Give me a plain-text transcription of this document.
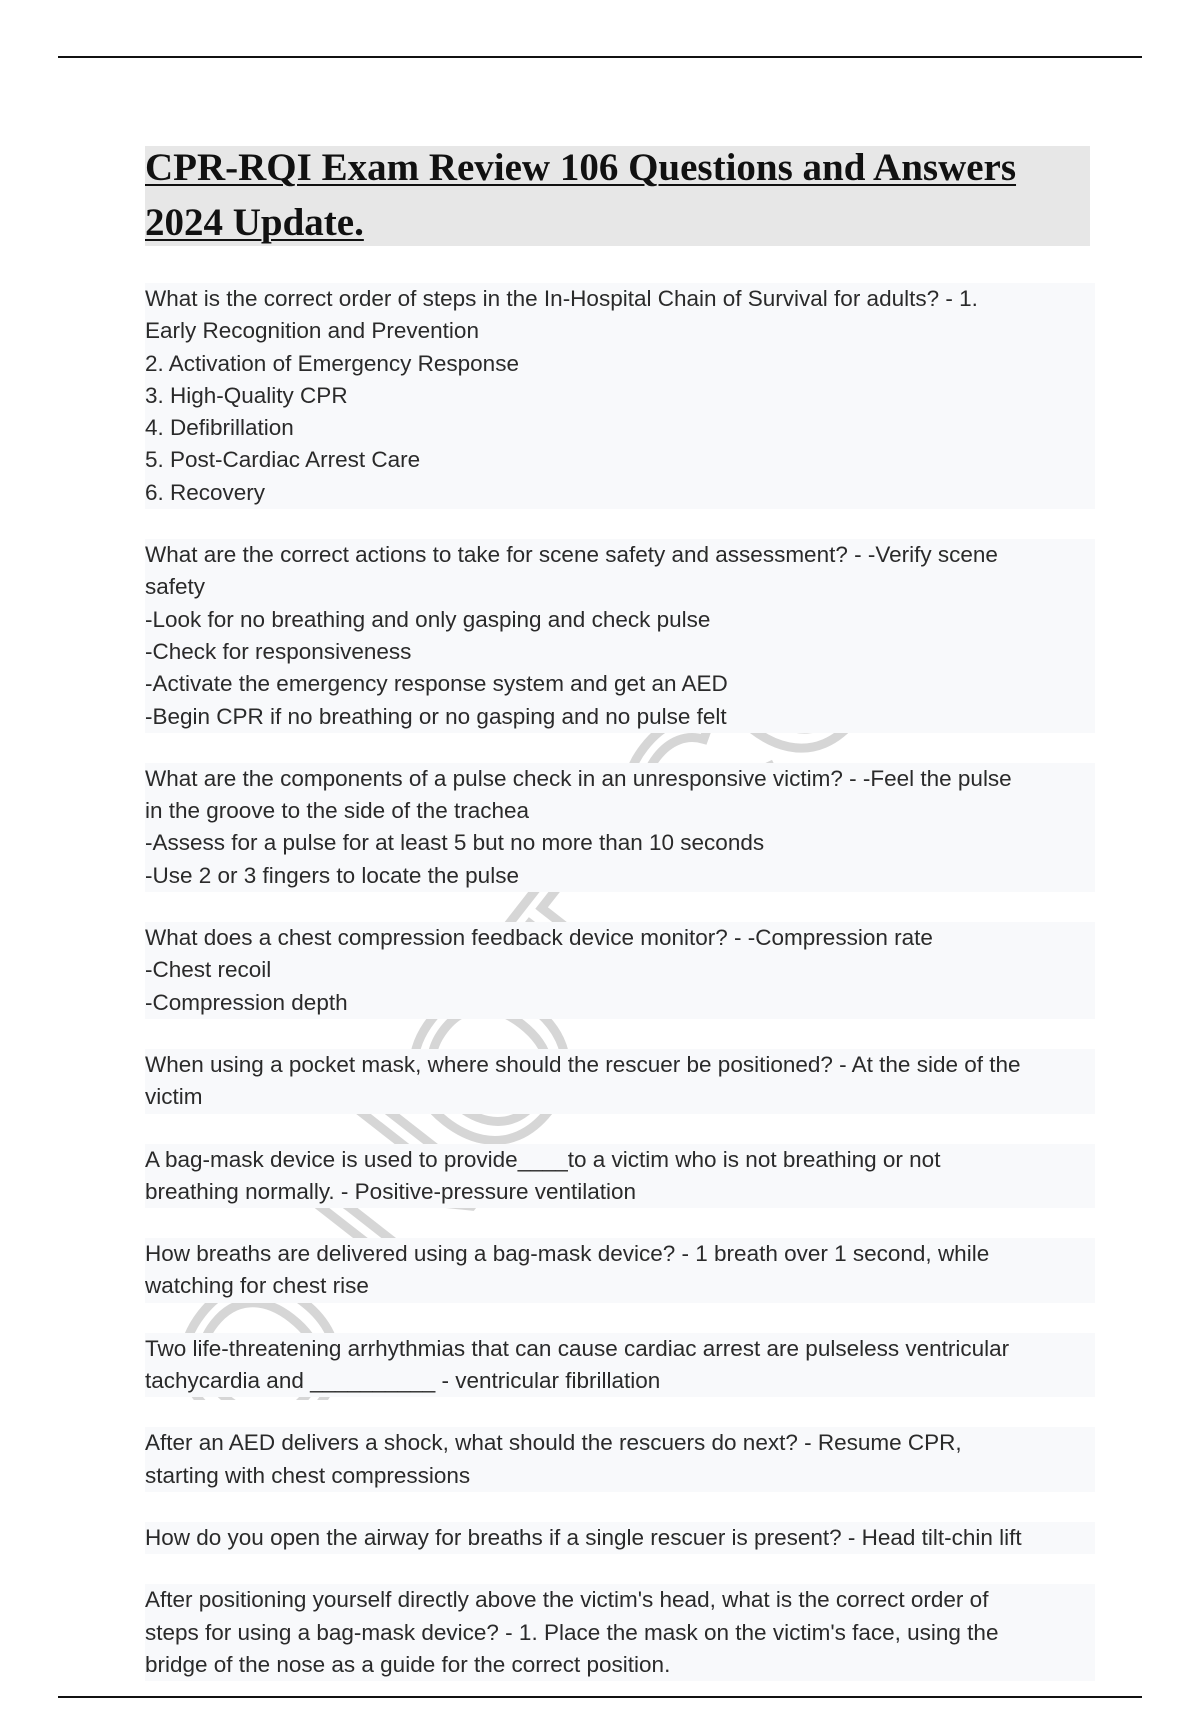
CPR-RQI Exam Review 106 Questions and Answers
2024 Update.

What is the correct order of steps in the In-Hospital Chain of Survival for adults? - 1.

Early Recognition and Prevention

2. Activation of Emergency Response

3. High-Quality CPR

4. Defibrillation

5. Post-Cardiac Arrest Care

6. Recovery

What are the correct actions to take for scene safety and assessment? - -Verify scene

safety

-Look for no breathing and only gasping and check pulse

-Check for responsiveness

-Activate the emergency response system and get an AED

-Begin CPR if no breathing or no gasping and no pulse felt

What are the components of a pulse check in an unresponsive victim? - -Feel the pulse

in the groove to the side of the trachea

-Assess for a pulse for at least 5 but no more than 10 seconds

-Use 2 or 3 fingers to locate the pulse

What does a chest compression feedback device monitor? - -Compression rate

-Chest recoil

-Compression depth

When using a pocket mask, where should the rescuer be positioned? - At the side of the

victim

A bag-mask device is used to provide____to a victim who is not breathing or not

breathing normally. - Positive-pressure ventilation

How breaths are delivered using a bag-mask device? - 1 breath over 1 second, while

watching for chest rise

Two life-threatening arrhythmias that can cause cardiac arrest are pulseless ventricular

tachycardia and __________ - ventricular fibrillation

After an AED delivers a shock, what should the rescuers do next? - Resume CPR,

starting with chest compressions

How do you open the airway for breaths if a single rescuer is present? - Head tilt-chin lift

After positioning yourself directly above the victim's head, what is the correct order of

steps for using a bag-mask device? - 1. Place the mask on the victim's face, using the

bridge of the nose as a guide for the correct position.
